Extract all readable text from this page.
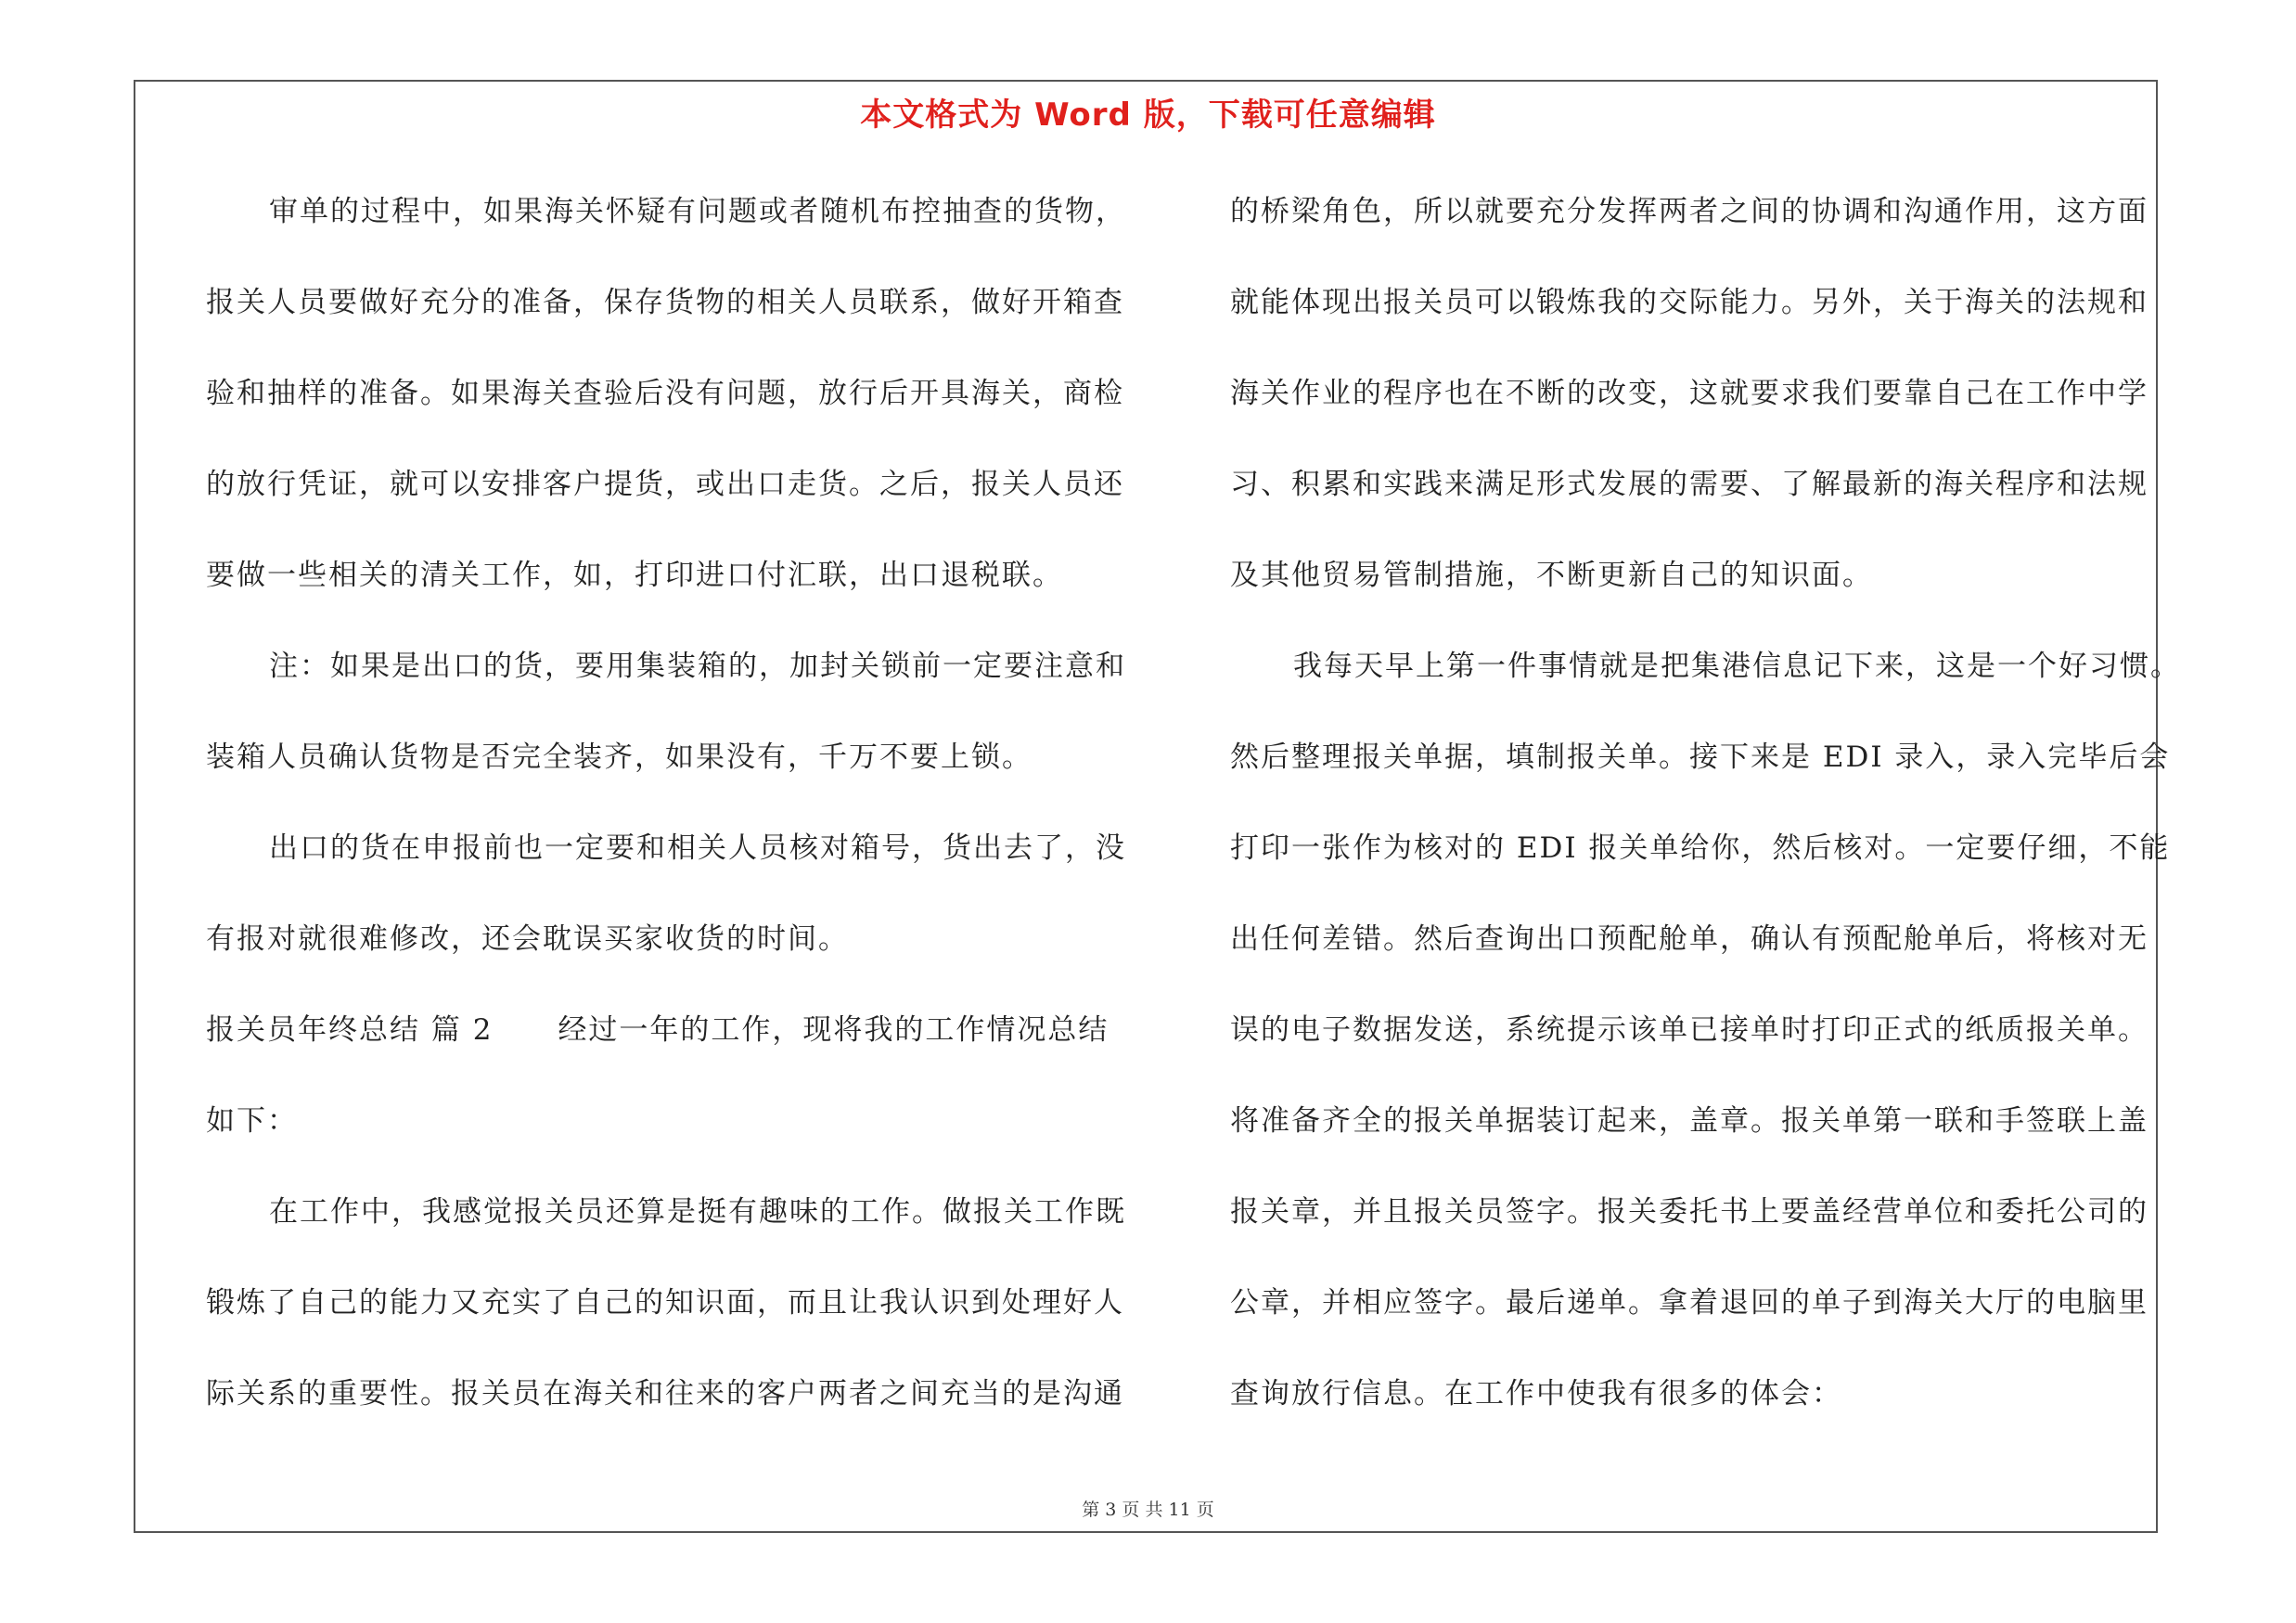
本文格式为 Word 版，下载可任意编辑
审单的过程中，如果海关怀疑有问题或者随机布控抽查的货物，
报关人员要做好充分的准备，保存货物的相关人员联系，做好开箱查
验和抽样的准备。如果海关查验后没有问题，放行后开具海关，商检
的放行凭证，就可以安排客户提货，或出口走货。之后，报关人员还
要做一些相关的清关工作，如，打印进口付汇联，出口退税联。
注：如果是出口的货，要用集装箱的，加封关锁前一定要注意和
装箱人员确认货物是否完全装齐，如果没有，千万不要上锁。
出口的货在申报前也一定要和相关人员核对箱号，货出去了，没
有报对就很难修改，还会耽误买家收货的时间。
报关员年终总结 篇 2 经过一年的工作，现将我的工作情况总结
如下：
在工作中，我感觉报关员还算是挺有趣味的工作。做报关工作既
锻炼了自己的能力又充实了自己的知识面，而且让我认识到处理好人
际关系的重要性。报关员在海关和往来的客户两者之间充当的是沟通
的桥梁角色，所以就要充分发挥两者之间的协调和沟通作用，这方面
就能体现出报关员可以锻炼我的交际能力。另外，关于海关的法规和
海关作业的程序也在不断的改变，这就要求我们要靠自己在工作中学
习、积累和实践来满足形式发展的需要、了解最新的海关程序和法规
及其他贸易管制措施，不断更新自己的知识面。
我每天早上第一件事情就是把集港信息记下来，这是一个好习惯。
然后整理报关单据，填制报关单。接下来是 EDI 录入，录入完毕后会
打印一张作为核对的 EDI 报关单给你，然后核对。一定要仔细，不能
出任何差错。然后查询出口预配舱单，确认有预配舱单后，将核对无
误的电子数据发送，系统提示该单已接单时打印正式的纸质报关单。
将准备齐全的报关单据装订起来，盖章。报关单第一联和手签联上盖
报关章，并且报关员签字。报关委托书上要盖经营单位和委托公司的
公章，并相应签字。最后递单。拿着退回的单子到海关大厅的电脑里
查询放行信息。在工作中使我有很多的体会：
第 3 页 共 11 页
